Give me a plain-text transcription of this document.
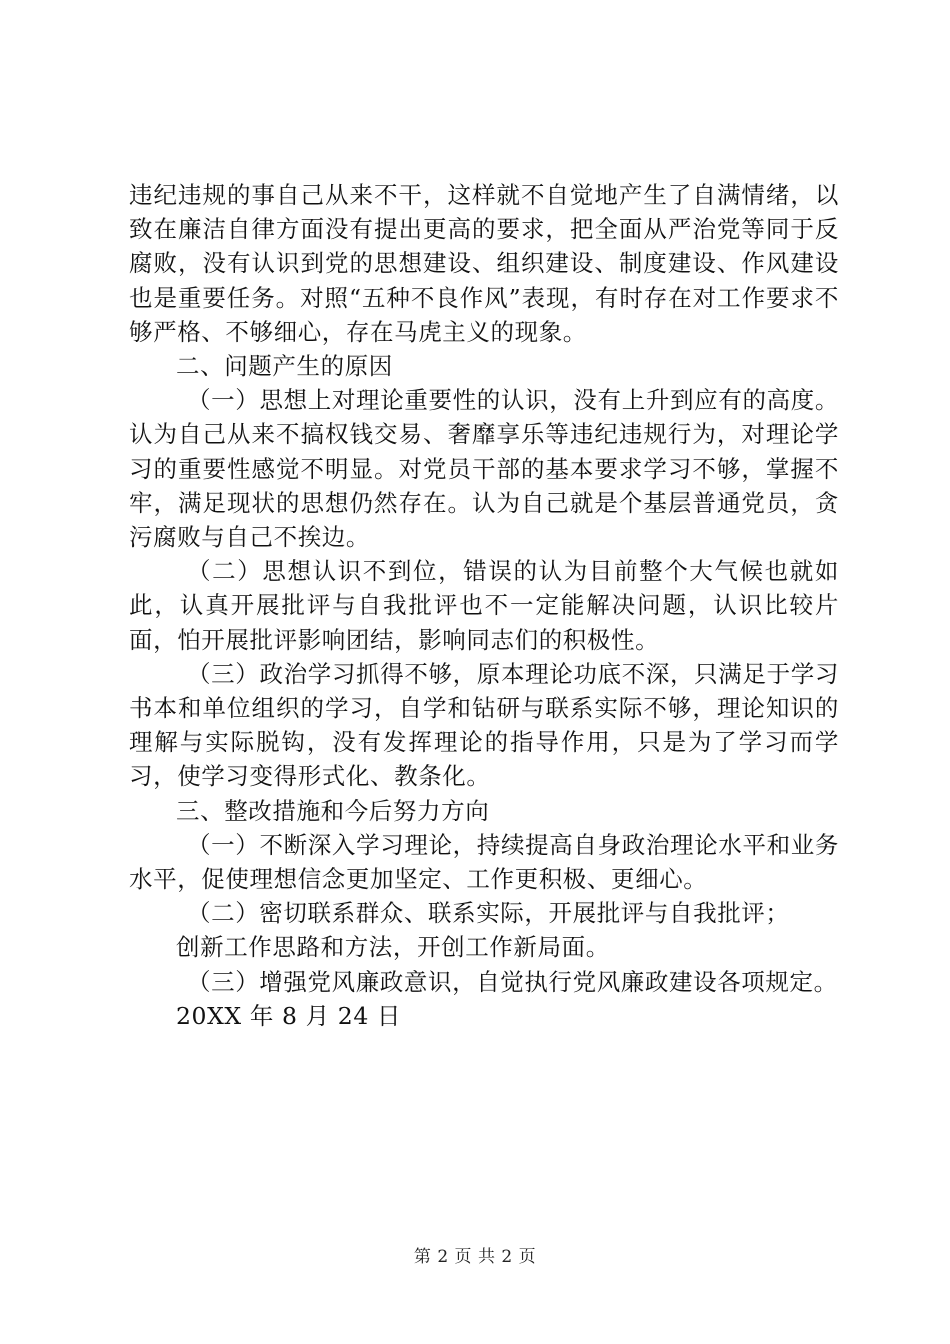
违纪违规的事自己从来不干，这样就不自觉地产生了自满情绪，以致在廉洁自律方面没有提出更高的要求，把全面从严治党等同于反腐败，没有认识到党的思想建设、组织建设、制度建设、作风建设也是重要任务。对照“五种不良作风”表现，有时存在对工作要求不够严格、不够细心，存在马虎主义的现象。

二、问题产生的原因

（一）思想上对理论重要性的认识，没有上升到应有的高度。认为自己从来不搞权钱交易、奢靡享乐等违纪违规行为，对理论学习的重要性感觉不明显。对党员干部的基本要求学习不够，掌握不牢，满足现状的思想仍然存在。认为自己就是个基层普通党员，贪污腐败与自己不挨边。

（二）思想认识不到位，错误的认为目前整个大气候也就如此，认真开展批评与自我批评也不一定能解决问题，认识比较片面，怕开展批评影响团结，影响同志们的积极性。

（三）政治学习抓得不够，原本理论功底不深，只满足于学习书本和单位组织的学习，自学和钻研与联系实际不够，理论知识的理解与实际脱钩，没有发挥理论的指导作用，只是为了学习而学习，使学习变得形式化、教条化。

三、整改措施和今后努力方向

（一）不断深入学习理论，持续提高自身政治理论水平和业务水平，促使理想信念更加坚定、工作更积极、更细心。

（二）密切联系群众、联系实际，开展批评与自我批评；

创新工作思路和方法，开创工作新局面。

（三）增强党风廉政意识，自觉执行党风廉政建设各项规定。

20XX 年 8 月 24 日

第 2 页 共 2 页
